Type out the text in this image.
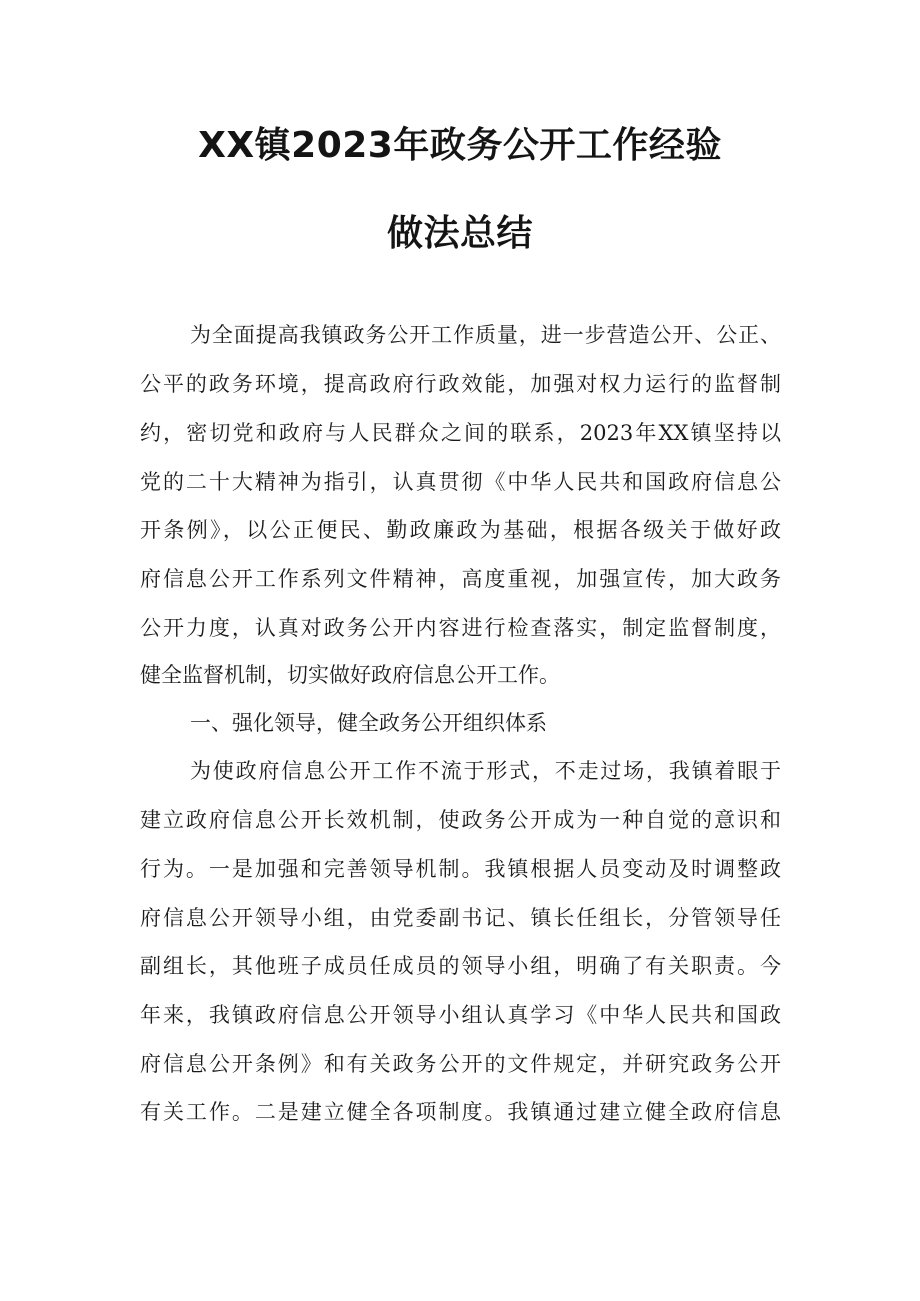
XX镇2023年政务公开工作经验
做法总结
为全面提高我镇政务公开工作质量，进一步营造公开、公正、
公平的政务环境，提高政府行政效能，加强对权力运行的监督制
约，密切党和政府与人民群众之间的联系，2023年XX镇坚持以
党的二十大精神为指引，认真贯彻《中华人民共和国政府信息公
开条例》，以公正便民、勤政廉政为基础，根据各级关于做好政
府信息公开工作系列文件精神，高度重视，加强宣传，加大政务
公开力度，认真对政务公开内容进行检查落实，制定监督制度，
健全监督机制，切实做好政府信息公开工作。
一、强化领导，健全政务公开组织体系
为使政府信息公开工作不流于形式，不走过场，我镇着眼于
建立政府信息公开长效机制，使政务公开成为一种自觉的意识和
行为。一是加强和完善领导机制。我镇根据人员变动及时调整政
府信息公开领导小组，由党委副书记、镇长任组长，分管领导任
副组长，其他班子成员任成员的领导小组，明确了有关职责。今
年来，我镇政府信息公开领导小组认真学习《中华人民共和国政
府信息公开条例》和有关政务公开的文件规定，并研究政务公开
有关工作。二是建立健全各项制度。我镇通过建立健全政府信息
